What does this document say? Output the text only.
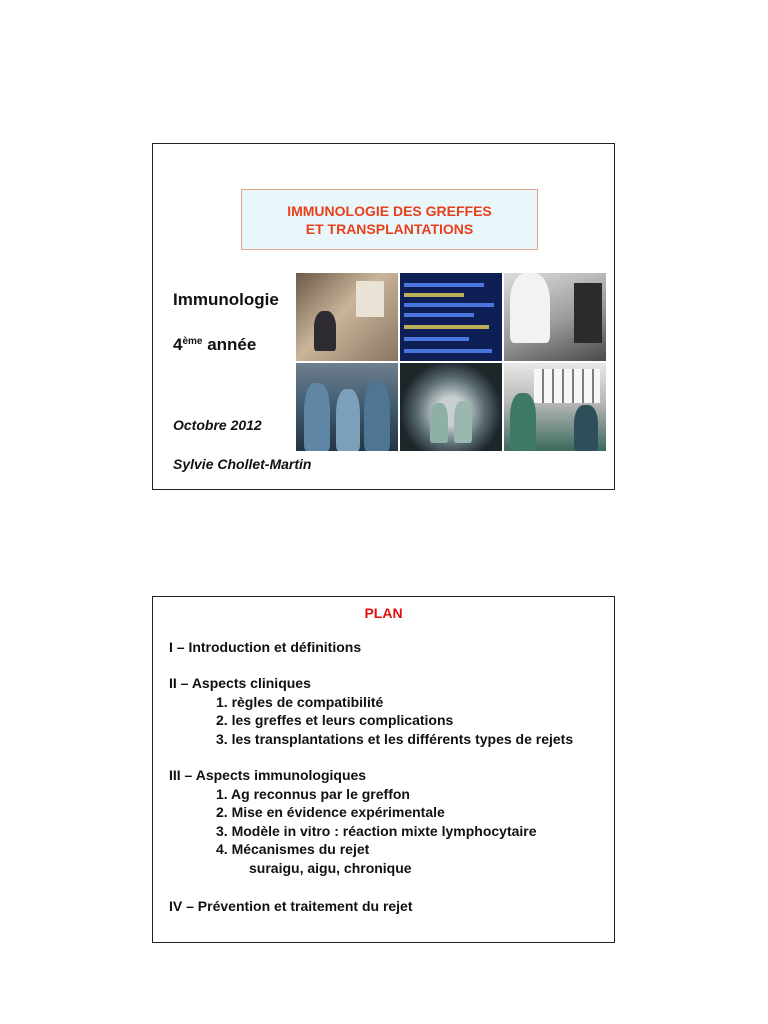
IMMUNOLOGIE DES GREFFES
ET TRANSPLANTATIONS
Immunologie
4ème année
Octobre 2012
Sylvie Chollet-Martin
PLAN
I – Introduction et définitions
II – Aspects cliniques
1. règles de compatibilité
2. les greffes et leurs complications
3. les transplantations et les différents types de rejets
III – Aspects immunologiques
1. Ag reconnus par le greffon
2. Mise en évidence expérimentale
3. Modèle in vitro : réaction mixte lymphocytaire
4. Mécanismes du rejet
suraigu, aigu, chronique
IV – Prévention et traitement du rejet
